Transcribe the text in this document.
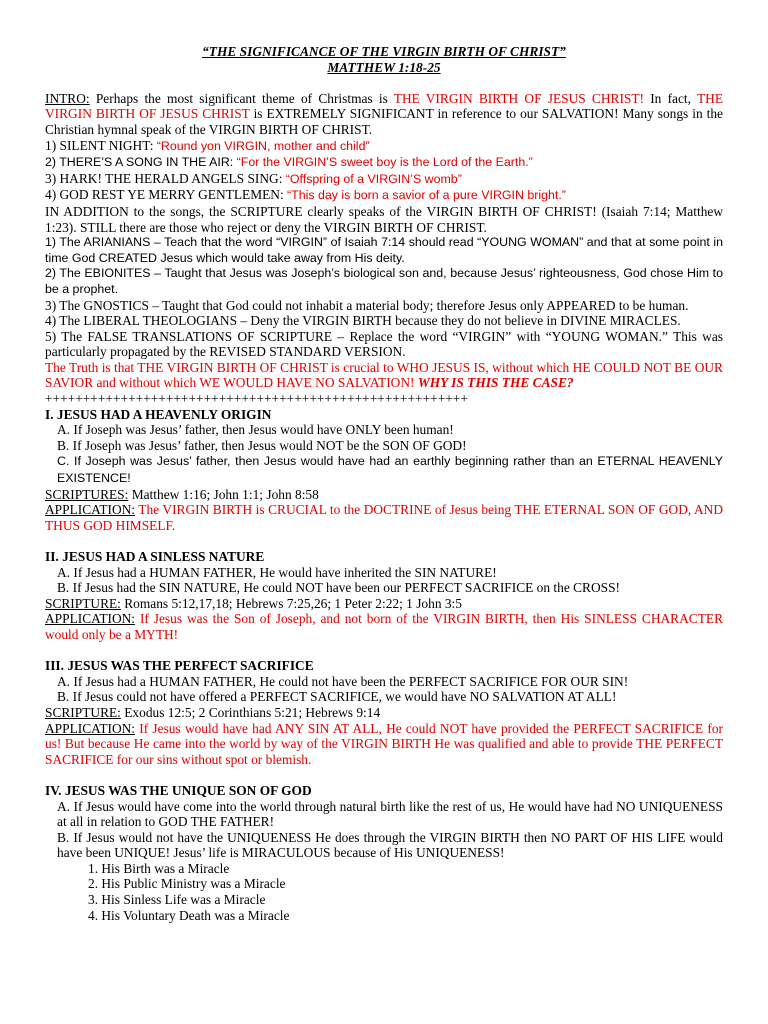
“THE SIGNIFICANCE OF THE VIRGIN BIRTH OF CHRIST”
MATTHEW 1:18-25

INTRO: Perhaps the most significant theme of Christmas is THE VIRGIN BIRTH OF JESUS CHRIST! In fact, THE VIRGIN BIRTH OF JESUS CHRIST is EXTREMELY SIGNIFICANT in reference to our SALVATION! Many songs in the Christian hymnal speak of the VIRGIN BIRTH OF CHRIST.

1) SILENT NIGHT: “Round yon VIRGIN, mother and child”
2) THERE’S A SONG IN THE AIR: “For the VIRGIN’S sweet boy is the Lord of the Earth.”
3) HARK! THE HERALD ANGELS SING: “Offspring of a VIRGIN’S womb”
4) GOD REST YE MERRY GENTLEMEN: “This day is born a savior of a pure VIRGIN bright.”

IN ADDITION to the songs, the SCRIPTURE clearly speaks of the VIRGIN BIRTH OF CHRIST! (Isaiah 7:14; Matthew 1:23). STILL there are those who reject or deny the VIRGIN BIRTH OF CHRIST.

1) The ARIANIANS – Teach that the word “VIRGIN” of Isaiah 7:14 should read “YOUNG WOMAN” and that at some point in time God CREATED Jesus which would take away from His deity.

2) The EBIONITES – Taught that Jesus was Joseph’s biological son and, because Jesus’ righteousness, God chose Him to be a prophet.

3) The GNOSTICS – Taught that God could not inhabit a material body; therefore Jesus only APPEARED to be human.

4) The LIBERAL THEOLOGIANS – Deny the VIRGIN BIRTH because they do not believe in DIVINE MIRACLES.

5) The FALSE TRANSLATIONS OF SCRIPTURE – Replace the word “VIRGIN” with “YOUNG WOMAN.” This was particularly propagated by the REVISED STANDARD VERSION.

The Truth is that THE VIRGIN BIRTH OF CHRIST is crucial to WHO JESUS IS, without which HE COULD NOT BE OUR SAVIOR and without which WE WOULD HAVE NO SALVATION! WHY IS THIS THE CASE?

++++++++++++++++++++++++++++++++++++++++++++++++++++++++
I. JESUS HAD A HEAVENLY ORIGIN
A. If Joseph was Jesus’ father, then Jesus would have ONLY been human!
B. If Joseph was Jesus’ father, then Jesus would NOT be the SON OF GOD!

C. If Joseph was Jesus’ father, then Jesus would have had an earthly beginning rather than an ETERNAL HEAVENLY EXISTENCE!

SCRIPTURES: Matthew 1:16; John 1:1; John 8:58

APPLICATION: The VIRGIN BIRTH is CRUCIAL to the DOCTRINE of Jesus being THE ETERNAL SON OF GOD, AND THUS GOD HIMSELF.

II. JESUS HAD A SINLESS NATURE
A. If Jesus had a HUMAN FATHER, He would have inherited the SIN NATURE!
B. If Jesus had the SIN NATURE, He could NOT have been our PERFECT SACRIFICE on the CROSS!
SCRIPTURE: Romans 5:12,17,18; Hebrews 7:25,26; 1 Peter 2:22; 1 John 3:5

APPLICATION: If Jesus was the Son of Joseph, and not born of the VIRGIN BIRTH, then His SINLESS CHARACTER would only be a MYTH!

III. JESUS WAS THE PERFECT SACRIFICE
A. If Jesus had a HUMAN FATHER, He could not have been the PERFECT SACRIFICE FOR OUR SIN!
B. If Jesus could not have offered a PERFECT SACRIFICE, we would have NO SALVATION AT ALL!
SCRIPTURE: Exodus 12:5; 2 Corinthians 5:21; Hebrews 9:14

APPLICATION: If Jesus would have had ANY SIN AT ALL, He could NOT have provided the PERFECT SACRIFICE for us! But because He came into the world by way of the VIRGIN BIRTH He was qualified and able to provide THE PERFECT SACRIFICE for our sins without spot or blemish.

IV. JESUS WAS THE UNIQUE SON OF GOD

A. If Jesus would have come into the world through natural birth like the rest of us, He would have had NO UNIQUENESS at all in relation to GOD THE FATHER!

B. If Jesus would not have the UNIQUENESS He does through the VIRGIN BIRTH then NO PART OF HIS LIFE would have been UNIQUE! Jesus’ life is MIRACULOUS because of His UNIQUENESS!

1. His Birth was a Miracle
2. His Public Ministry was a Miracle
3. His Sinless Life was a Miracle
4. His Voluntary Death was a Miracle
